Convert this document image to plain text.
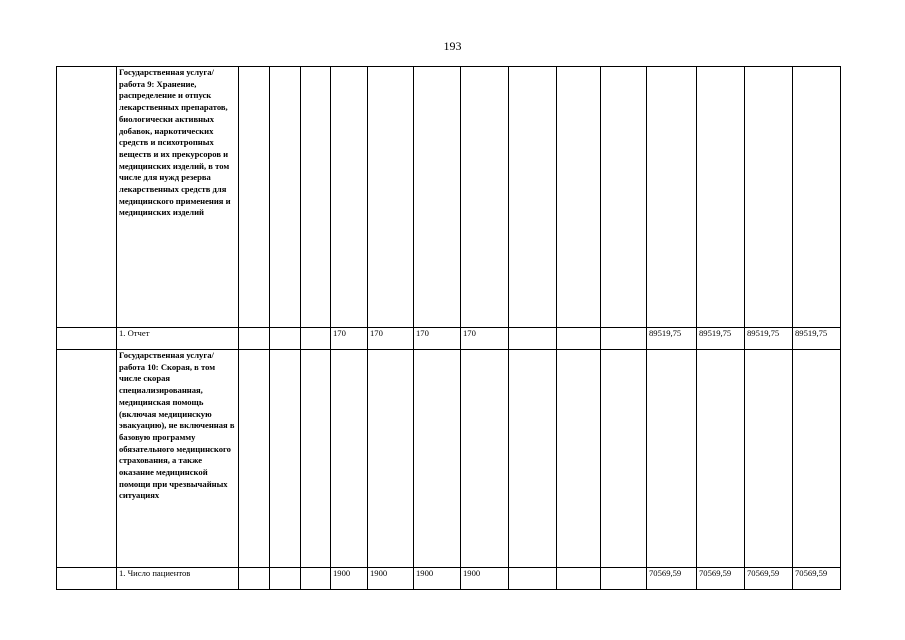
193
	Государственная услуга/работа 9: Хранение, распределение и отпуск лекарственных препаратов, биологически активных добавок, наркотических средств и психотропных веществ и их прекурсоров и медицинских изделий, в том числе для нужд резерва лекарственных средств для медицинского применения и медицинских изделий														
	1. Отчет				170	170	170	170				89519,75	89519,75	89519,75	89519,75
	Государственная услуга/работа 10: Скорая, в том числе скорая специализированная, медицинская помощь (включая медицинскую эвакуацию), не включенная в базовую программу обязательного медицинского страхования, а также оказание медицинской помощи при чрезвычайных ситуациях														
	1. Число пациентов				1900	1900	1900	1900				70569,59	70569,59	70569,59	70569,59
